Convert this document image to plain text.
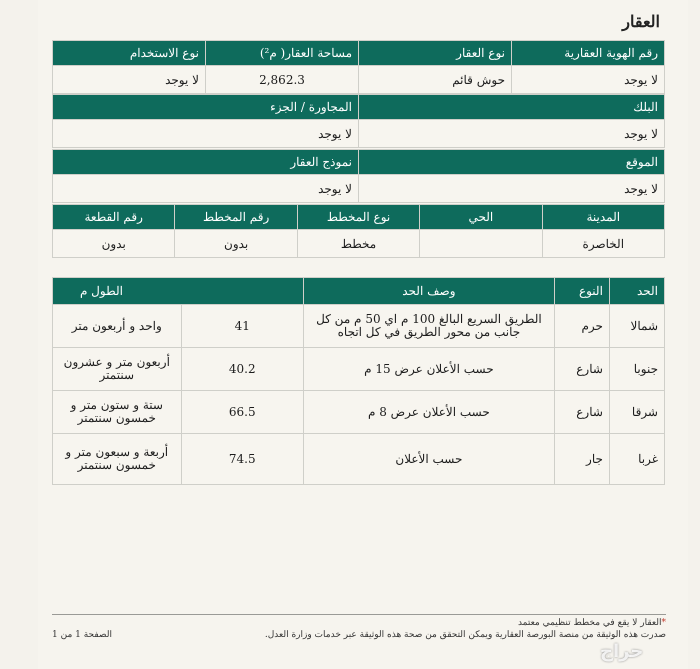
العقار
رقم الهوية العقارية	نوع العقار	مساحة العقار( م²)	نوع الاستخدام
لا يوجد	حوش قائم	2,862.3	لا يوجد
البلك	المجاورة / الجزء
لا يوجد	لا يوجد
الموقع	نموذج العقار
لا يوجد	لا يوجد
المدينة	الحي	نوع المخطط	رقم المخطط	رقم القطعة
الخاصرة		مخطط	بدون	بدون
الحد	النوع	وصف الحد	الطول م	
شمالا	حرم	الطريق السريع البالغ 100 م اي 50 م من كل جانب من محور الطريق في كل اتجاه	41	واحد و أربعون متر
جنوبا	شارع	حسب الأعلان عرض 15 م	40.2	أربعون متر و عشرون سنتمتر
شرقا	شارع	حسب الأعلان عرض 8 م	66.5	ستة و ستون متر و خمسون سنتمتر
غربا	جار	حسب الأعلان	74.5	أربعة و سبعون متر و خمسون سنتمتر
*العقار لا يقع في مخطط تنظيمي معتمد
صدرت هذه الوثيقة من منصة البورصة العقارية ويمكن التحقق من صحة هذه الوثيقة عبر خدمات وزارة العدل.
الصفحة 1 من 1
حراج
